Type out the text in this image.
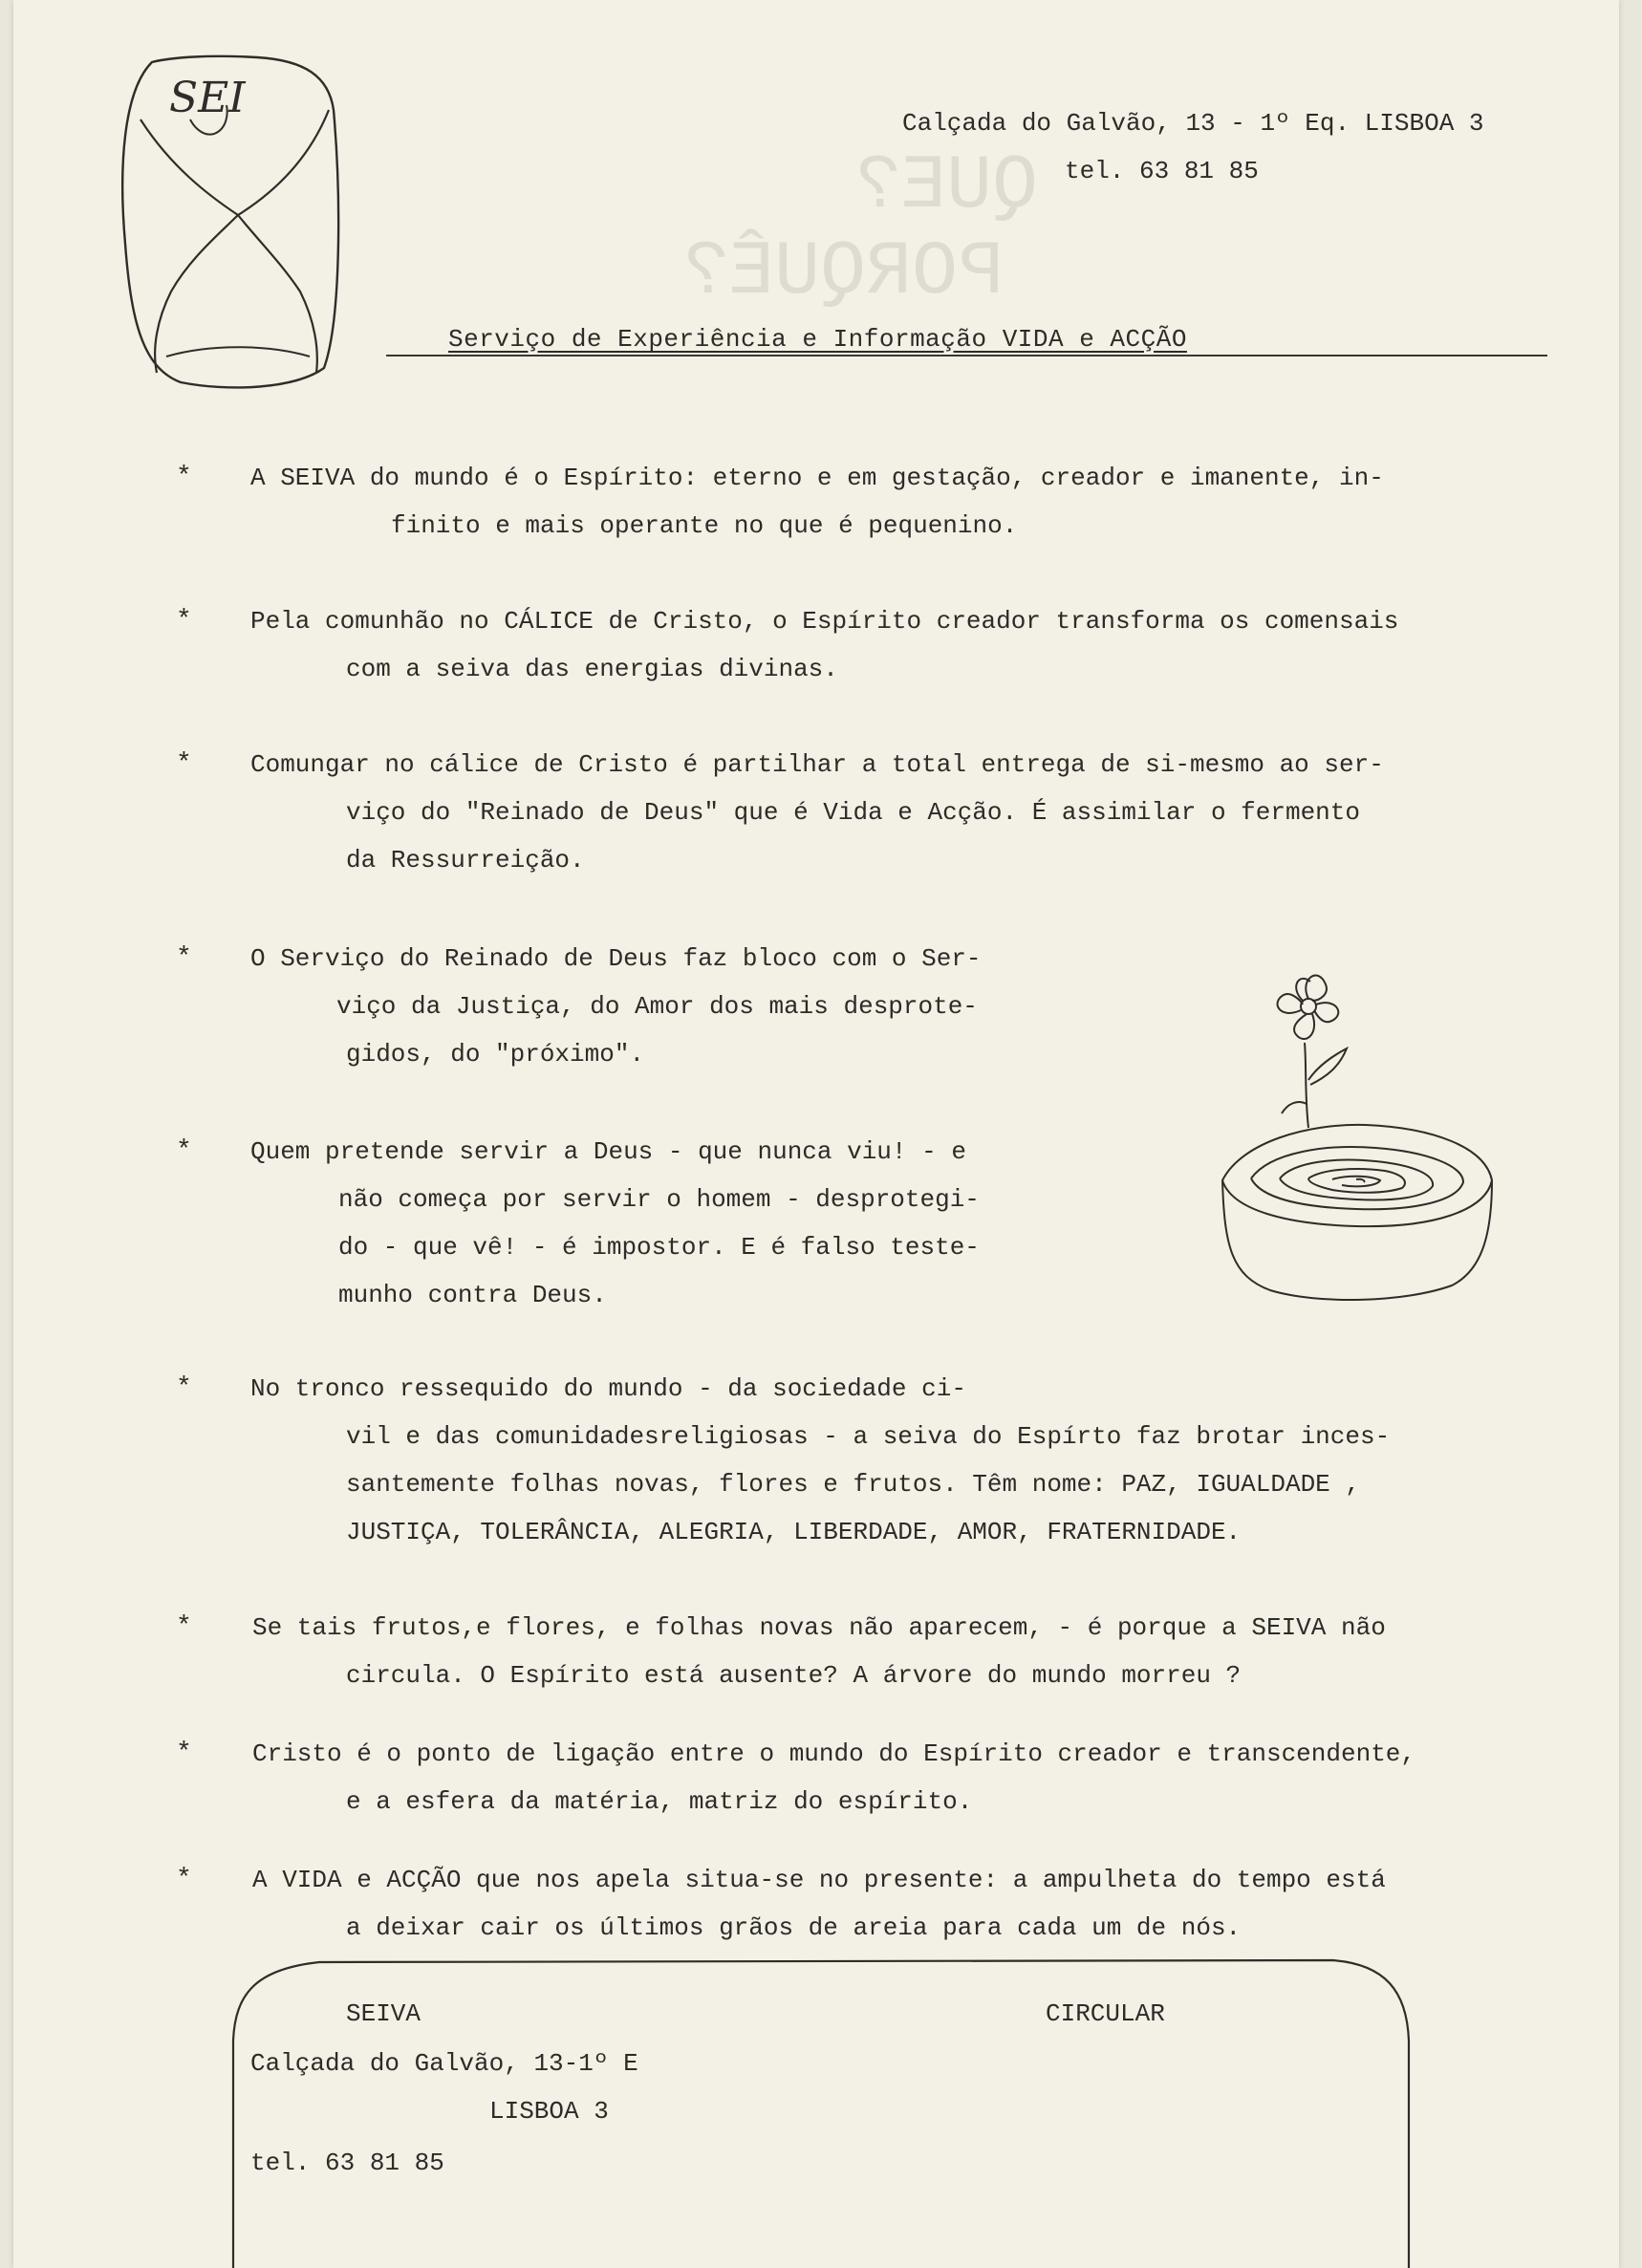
SEI
QUE?
PORQUÊ?
Calçada do Galvão, 13 - 1º Eq. LISBOA 3
tel. 63 81 85
Serviço de Experiência e Informação VIDA e ACÇÃO
* A SEIVA do mundo é o Espírito: eterno e em gestação, creador e imanente, in-
finito e mais operante no que é pequenino.
* Pela comunhão no CÁLICE de Cristo, o Espírito creador transforma os comensais
com a seiva das energias divinas.
* Comungar no cálice de Cristo é partilhar a total entrega de si-mesmo ao ser-
viço do "Reinado de Deus" que é Vida e Acção. É assimilar o fermento
da Ressurreição.
* O Serviço do Reinado de Deus faz bloco com o Ser-
viço da Justiça, do Amor dos mais desprote-
gidos, do "próximo".
* Quem pretende servir a Deus - que nunca viu! - e
não começa por servir o homem - desprotegi-
do - que vê! - é impostor. E é falso teste-
munho contra Deus.
* No tronco ressequido do mundo - da sociedade ci-
vil e das comunidadesreligiosas - a seiva do Espírto faz brotar inces-
santemente folhas novas, flores e frutos. Têm nome: PAZ, IGUALDADE ,
JUSTIÇA, TOLERÂNCIA, ALEGRIA, LIBERDADE, AMOR, FRATERNIDADE.
* Se tais frutos,e flores, e folhas novas não aparecem, - é porque a SEIVA não
circula. O Espírito está ausente? A árvore do mundo morreu ?
* Cristo é o ponto de ligação entre o mundo do Espírito creador e transcendente,
e a esfera da matéria, matriz do espírito.
* A VIDA e ACÇÃO que nos apela situa-se no presente: a ampulheta do tempo está
a deixar cair os últimos grãos de areia para cada um de nós.
SEIVA	CIRCULAR
Calçada do Galvão, 13-1º E
LISBOA 3
tel. 63 81 85
